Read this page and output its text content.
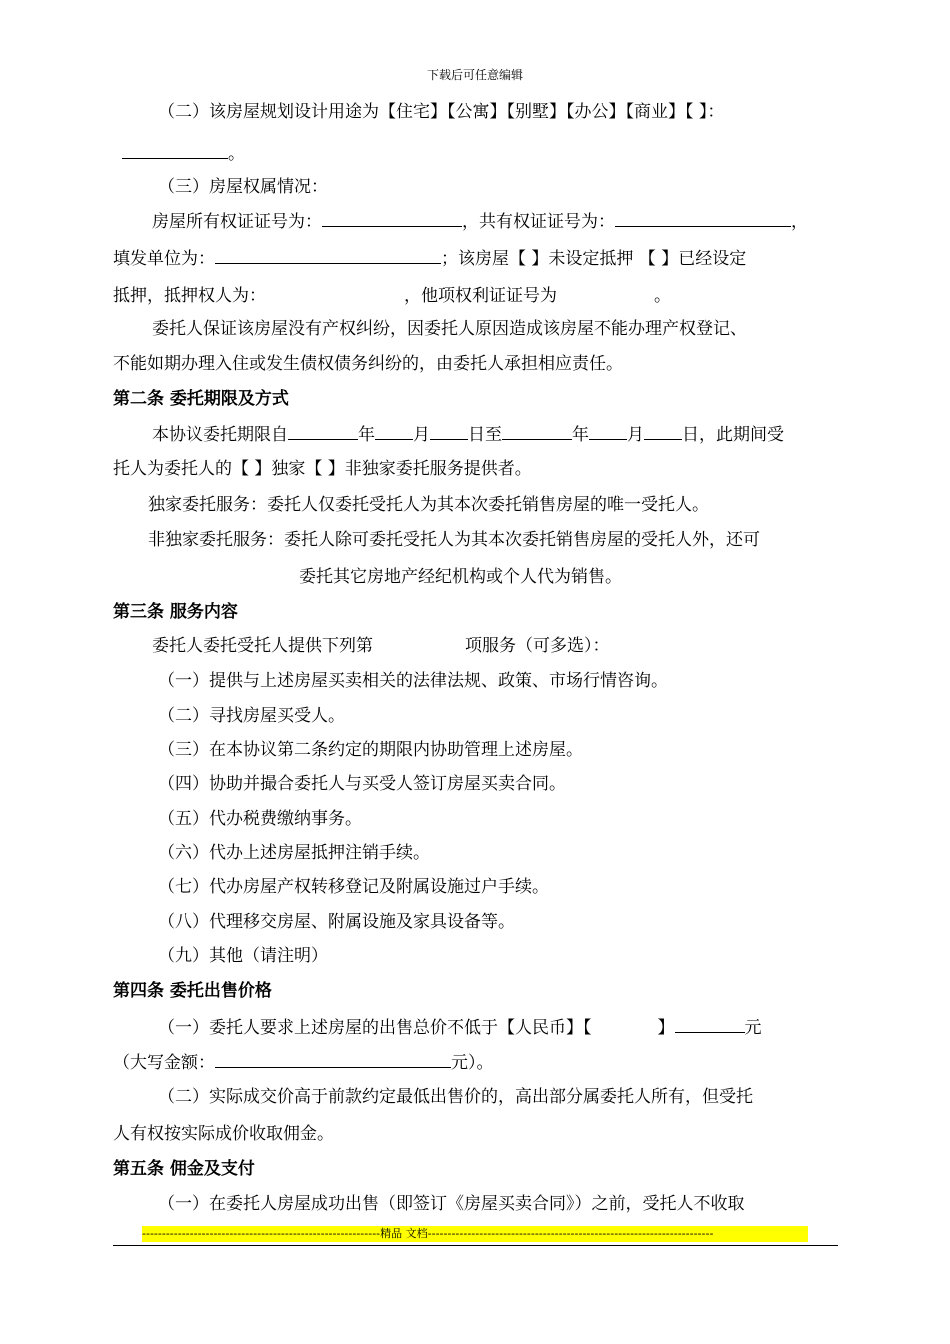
下载后可任意编辑
（二）该房屋规划设计用途为【住宅】【公寓】【别墅】【办公】【商业】【 】：
。
（三）房屋权属情况：
房屋所有权证证号为：	，共有权证证号为：	，
填发单位为：	；该房屋【 】未设定抵押 【 】已经设定
抵押，抵押权人为：	，他项权利证证号为	。
委托人保证该房屋没有产权纠纷，因委托人原因造成该房屋不能办理产权登记、
不能如期办理入住或发生债权债务纠纷的，由委托人承担相应责任。
第二条 委托期限及方式
本协议委托期限自	年 月 日至	年 月 日，此期间受
托人为委托人的【 】独家【 】非独家委托服务提供者。
独家委托服务：委托人仅委托受托人为其本次委托销售房屋的唯一受托人。
非独家委托服务：委托人除可委托受托人为其本次委托销售房屋的受托人外，还可
委托其它房地产经纪机构或个人代为销售。
第三条 服务内容
委托人委托受托人提供下列第	项服务（可多选）：
（一）提供与上述房屋买卖相关的法律法规、政策、市场行情咨询。
（二）寻找房屋买受人。
（三）在本协议第二条约定的期限内协助管理上述房屋。
（四）协助并撮合委托人与买受人签订房屋买卖合同。
（五）代办税费缴纳事务。
（六）代办上述房屋抵押注销手续。
（七）代办房屋产权转移登记及附属设施过户手续。
（八）代理移交房屋、附属设施及家具设备等。
（九）其他（请注明）
第四条 委托出售价格
（一）委托人要求上述房屋的出售总价不低于【人民币】【	】	元
（大写金额：	元）。
（二）实际成交价高于前款约定最低出售价的，高出部分属委托人所有，但受托
人有权按实际成价收取佣金。
第五条 佣金及支付
（一）在委托人房屋成功出售（即签订《房屋买卖合同》）之前，受托人不收取
------------------------------------------------------------精品 文档------------------------------------------------------------------------
